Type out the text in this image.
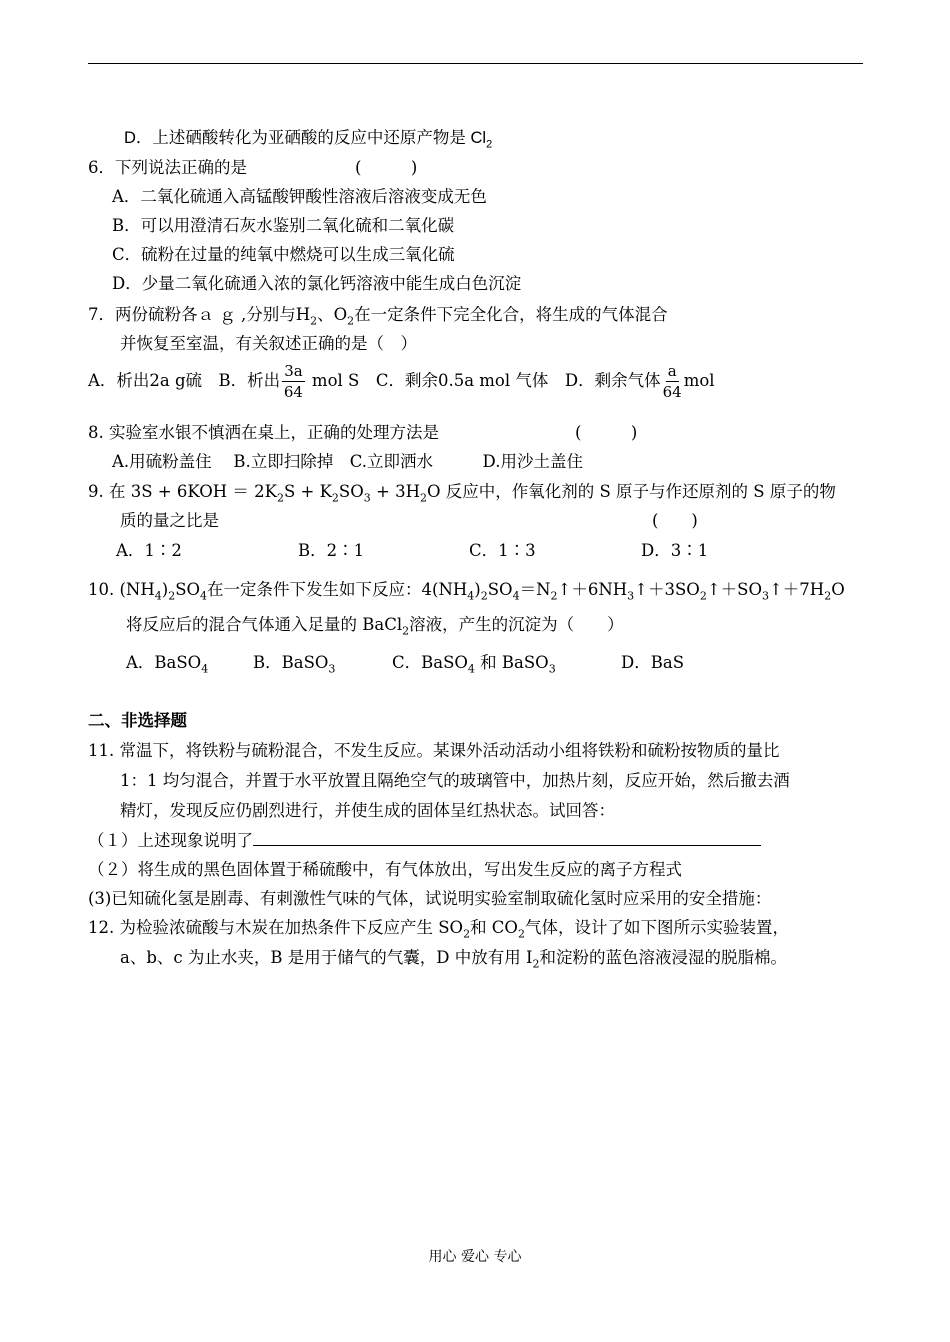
D．上述硒酸转化为亚硒酸的反应中还原产物是 $Cl_2$
6．下列说法正确的是	(　　　)
A．二氧化硫通入高锰酸钾酸性溶液后溶液变成无色
B．可以用澄清石灰水鉴别二氧化硫和二氧化碳
C．硫粉在过量的纯氧中燃烧可以生成三氧化硫
D．少量二氧化硫通入浓的氯化钙溶液中能生成白色沉淀
7．两份硫粉各ａ ｇ ,分别与$H_2$、$O_2$在一定条件下完全化合，将生成的气体混合
并恢复至室温，有关叙述正确的是（　）
A．析出2a g硫　B．析出 $\frac{3a}{64}$ mol S　C．剩余0.5a mol 气体　D．剩余气体 $\frac{a}{64}$ mol
8. 实验室水银不慎洒在桌上，正确的处理方法是	(　　　)
A.用硫粉盖住　 B.立即扫除掉　C.立即洒水　　　D.用沙土盖住
9. 在 $3S + 6KOH = 2K_2S + K_2SO_3 + 3H_2O$ 反应中，作氧化剂的 S 原子与作还原剂的 S 原子的物
质的量之比是	(　　)
A．1∶2	B．2∶1	C．1∶3	D．3∶1
10. $(NH_4)_2SO_4$在一定条件下发生如下反应：$4(NH_4)_2SO_4=N_2↑+6NH_3↑+3SO_2↑+SO_3↑+7H_2O$
将反应后的混合气体通入足量的 BaCl$_2$溶液，产生的沉淀为（　　）
A．BaSO$_4$	B．BaSO$_3$	C．BaSO$_4$ 和 BaSO$_3$	D．BaS
二、非选择题
11. 常温下，将铁粉与硫粉混合，不发生反应。某课外活动活动小组将铁粉和硫粉按物质的量比
1：1 均匀混合，并置于水平放置且隔绝空气的玻璃管中，加热片刻，反应开始，然后撤去酒
精灯，发现反应仍剧烈进行，并使生成的固体呈红热状态。试回答：
（１）上述现象说明了
（２）将生成的黑色固体置于稀硫酸中，有气体放出，写出发生反应的离子方程式
(3)已知硫化氢是剧毒、有刺激性气味的气体，试说明实验室制取硫化氢时应采用的安全措施：
12. 为检验浓硫酸与木炭在加热条件下反应产生 $SO_2$和 $CO_2$气体，设计了如下图所示实验装置，
a、b、c 为止水夹，B 是用于储气的气囊，D 中放有用 $I_2$和淀粉的蓝色溶液浸湿的脱脂棉。
用心 爱心 专心
